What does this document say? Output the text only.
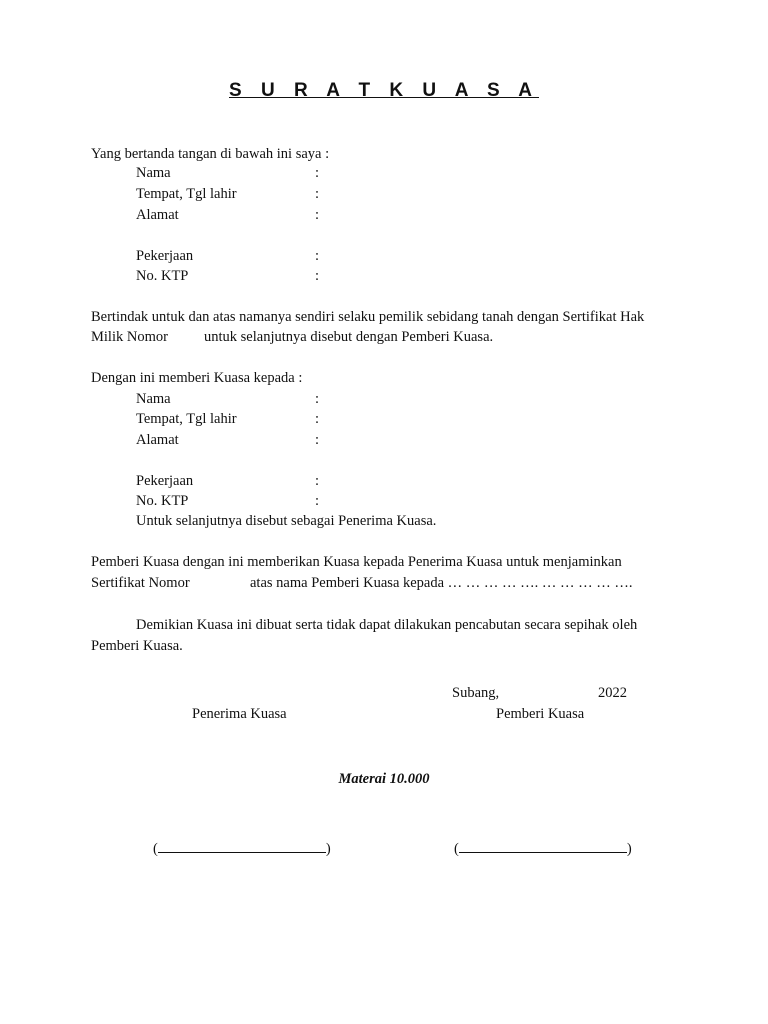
S U R A T K U A S A
Yang bertanda tangan di bawah ini saya :
Nama	:
Tempat, Tgl lahir	:
Alamat	:
Pekerjaan	:
No. KTP	:
Bertindak untuk dan atas namanya sendiri selaku pemilik sebidang tanah dengan Sertifikat Hak
Milik Nomor untuk selanjutnya disebut dengan Pemberi Kuasa.
Dengan ini memberi Kuasa kepada :
Nama	:
Tempat, Tgl lahir	:
Alamat	:
Pekerjaan	:
No. KTP	:
Untuk selanjutnya disebut sebagai Penerima Kuasa.
Pemberi Kuasa dengan ini memberikan Kuasa kepada Penerima Kuasa untuk menjaminkan
Sertifikat Nomor	atas nama Pemberi Kuasa kepada … … … … …. … … … … ….
Demikian Kuasa ini dibuat serta tidak dapat dilakukan pencabutan secara sepihak oleh
Pemberi Kuasa.
Subang,	2022
Penerima Kuasa	Pemberi Kuasa
Materai 10.000
(	)	(	)
